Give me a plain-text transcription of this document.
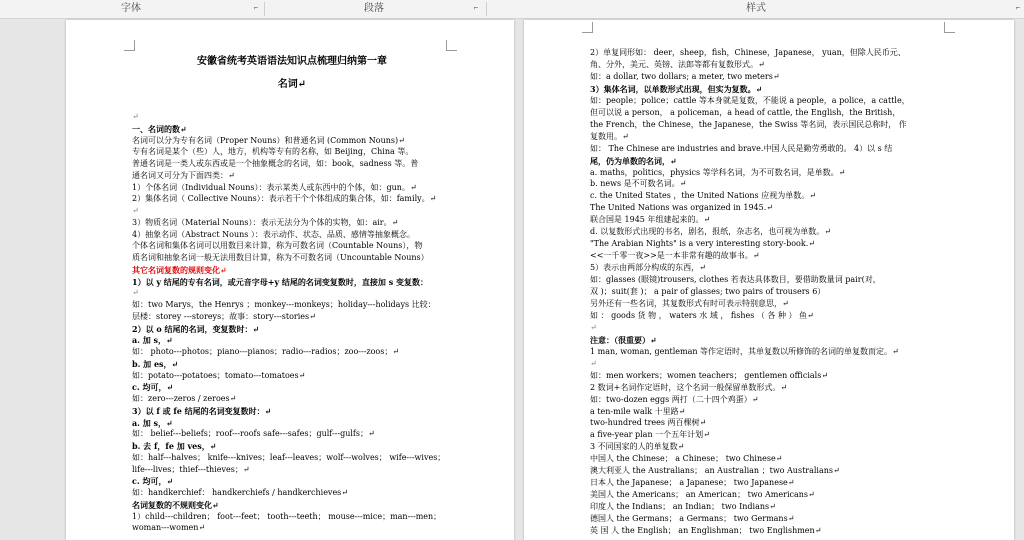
字体	⌐	段落	⌐	样式	⌐
安徽省统考英语语法知识点梳理归纳第一章
名词↵
↵
一、名词的数↵
名词可以分为专有名词（Proper Nouns）和普通名词 (Common Nouns)↵
专有名词是某个（些）人，地方，机构等专有的名称，如 Beijing，China 等。
普通名词是一类人或东西或是一个抽象概念的名词，如：book，sadness 等。普
通名词又可分为下面四类：↵
1）个体名词（Individual Nouns）：表示某类人或东西中的个体，如：gun。↵
2）集体名词（ Collective Nouns）：表示若干个个体组成的集合体，如：family。↵
↵
3）物质名词（Material Nouns）：表示无法分为个体的实物，如：air。↵
4）抽象名词（Abstract Nouns ）：表示动作、状态、品质、感情等抽象概念。
个体名词和集体名词可以用数目来计算，称为可数名词（Countable Nouns），物
质名词和抽象名词一般无法用数目计算，称为不可数名词（Uncountable Nouns）
其它名词复数的规则变化↵
1）以 y 结尾的专有名词，或元音字母+y 结尾的名词变复数时，直接加 s 变复数：
↵
如：two Marys，the Henrys ；monkey---monkeys；holiday---holidays 比较：
层楼：storey ---storeys；故事：story---stories↵
2）以 o 结尾的名词，变复数时：↵
a. 加 s，↵
如： photo---photos；piano---pianos；radio---radios；zoo---zoos；↵
b. 加 es，↵
如：potato---potatoes；tomato---tomatoes↵
c. 均可，↵
如：zero---zeros / zeroes↵
3）以 f 或 fe 结尾的名词变复数时：↵
a. 加 s，↵
如： belief---beliefs；roof---roofs safe---safes；gulf---gulfs；↵
b. 去 f，fe 加 ves，↵
如：half---halves； knife---knives；leaf---leaves；wolf---wolves； wife---wives；
life---lives；thief---thieves；↵
c. 均可，↵
如：handkerchief： handkerchiefs / handkerchieves↵
名词复数的不规则变化↵
1）child---children； foot---feet； tooth---teeth； mouse---mice；man---men；
woman---women↵
2）单复同形如： deer，sheep，fish，Chinese，Japanese， yuan，但除人民币元、
角、分外，美元、英镑、法郎等都有复数形式。↵
如：a dollar, two dollars; a meter, two meters↵
3）集体名词，以单数形式出现，但实为复数。↵
如：people；police；cattle 等本身就是复数，不能说 a people，a police，a cattle，
但可以说 a person， a policeman，a head of cattle, the English，the British，
the French，the Chinese，the Japanese，the Swiss 等名词，表示国民总称时， 作
复数用。↵
如： The Chinese are industries and brave.中国人民是勤劳勇敢的。 4）以 s 结
尾，仍为单数的名词，↵
a. maths，politics，physics 等学科名词，为不可数名词，是单数。↵
b. news 是不可数名词。↵
c. the United States ，the United Nations 应视为单数。↵
The United Nations was organized in 1945.↵
联合国是 1945 年组建起来的。↵
d. 以复数形式出现的书名，剧名，报纸，杂志名，也可视为单数。↵
"The Arabian Nights" is a very interesting story-book.↵
<<一千零一夜>>是一本非常有趣的故事书。↵
5）表示由两部分构成的东西，↵
如：glasses (眼镜)trousers, clothes 若表达具体数目，要借助数量词 pair(对，
双 )；suit(套 )； a pair of glasses; two pairs of trousers 6）
另外还有一些名词，其复数形式有时可表示特别意思，↵
如 ： goods 货 物 ， waters 水 域 ， fishes （ 各 种 ） 鱼↵
↵
注意：（很重要）↵
1 man, woman, gentleman 等作定语时，其单复数以所修饰的名词的单复数而定。↵
↵
如：men workers；women teachers； gentlemen officials↵
2 数词+名词作定语时，这个名词一般保留单数形式。↵
如：two-dozen eggs 两打（二十四个鸡蛋）↵
a ten-mile walk 十里路↵
two-hundred trees 两百棵树↵
a five-year plan 一个五年计划↵
3 不同国家的人的单复数↵
中国人 the Chinese； a Chinese； two Chinese↵
澳大利亚人 the Australians； an Australian ；two Australians↵
日本人 the Japanese； a Japanese； two Japanese↵
美国人 the Americans； an American； two Americans↵
印度人 the Indians； an Indian； two Indians↵
德国人 the Germans； a Germans； two Germans↵
英 国 人 the English； an Englishman； two Englishmen↵
